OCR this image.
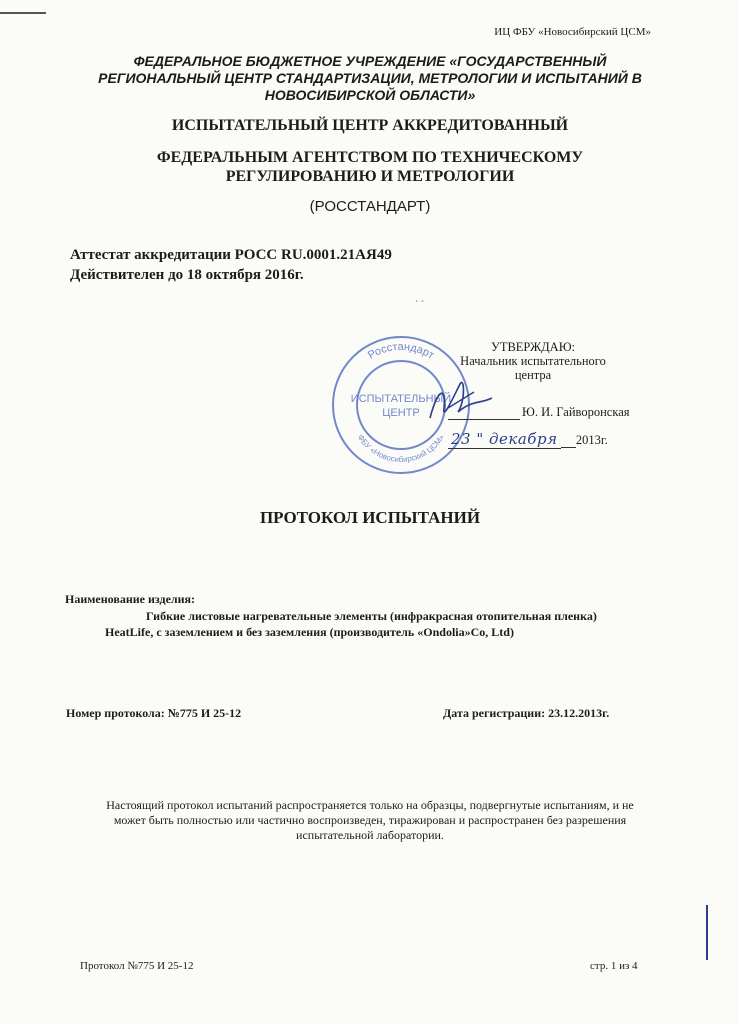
ИЦ ФБУ «Новосибирский ЦСМ»
ФЕДЕРАЛЬНОЕ БЮДЖЕТНОЕ УЧРЕЖДЕНИЕ «ГОСУДАРСТВЕННЫЙ
РЕГИОНАЛЬНЫЙ ЦЕНТР СТАНДАРТИЗАЦИИ, МЕТРОЛОГИИ И ИСПЫТАНИЙ В
НОВОСИБИРСКОЙ ОБЛАСТИ»
ИСПЫТАТЕЛЬНЫЙ ЦЕНТР АККРЕДИТОВАННЫЙ
ФЕДЕРАЛЬНЫМ АГЕНТСТВОМ ПО ТЕХНИЧЕСКОМУ
РЕГУЛИРОВАНИЮ И МЕТРОЛОГИИ
(РОССТАНДАРТ)
Аттестат аккредитации РОСС RU.0001.21АЯ49
Действителен до 18 октября 2016г.
` `
Росстандарт
ФБУ «Новосибирский ЦСМ»
ИСПЫТАТЕЛЬНЫЙ
ЦЕНТР
УТВЕРЖДАЮ:
Начальник испытательного
центра
Ю. И. Гайворонская
23 " декабря 2013г.
ПРОТОКОЛ ИСПЫТАНИЙ
Наименование изделия:
Гибкие листовые нагревательные элементы (инфракрасная отопительная пленка)
HeatLife, с заземлением и без заземления (производитель «Ondolia»Co, Ltd)
Номер протокола: №775 И 25-12	Дата регистрации: 23.12.2013г.
Настоящий протокол испытаний распространяется только на образцы, подвергнутые испытаниям, и не
может быть полностью или частично воспроизведен, тиражирован и распространен без разрешения
испытательной лаборатории.
Протокол №775 И 25-12	стр. 1 из 4
